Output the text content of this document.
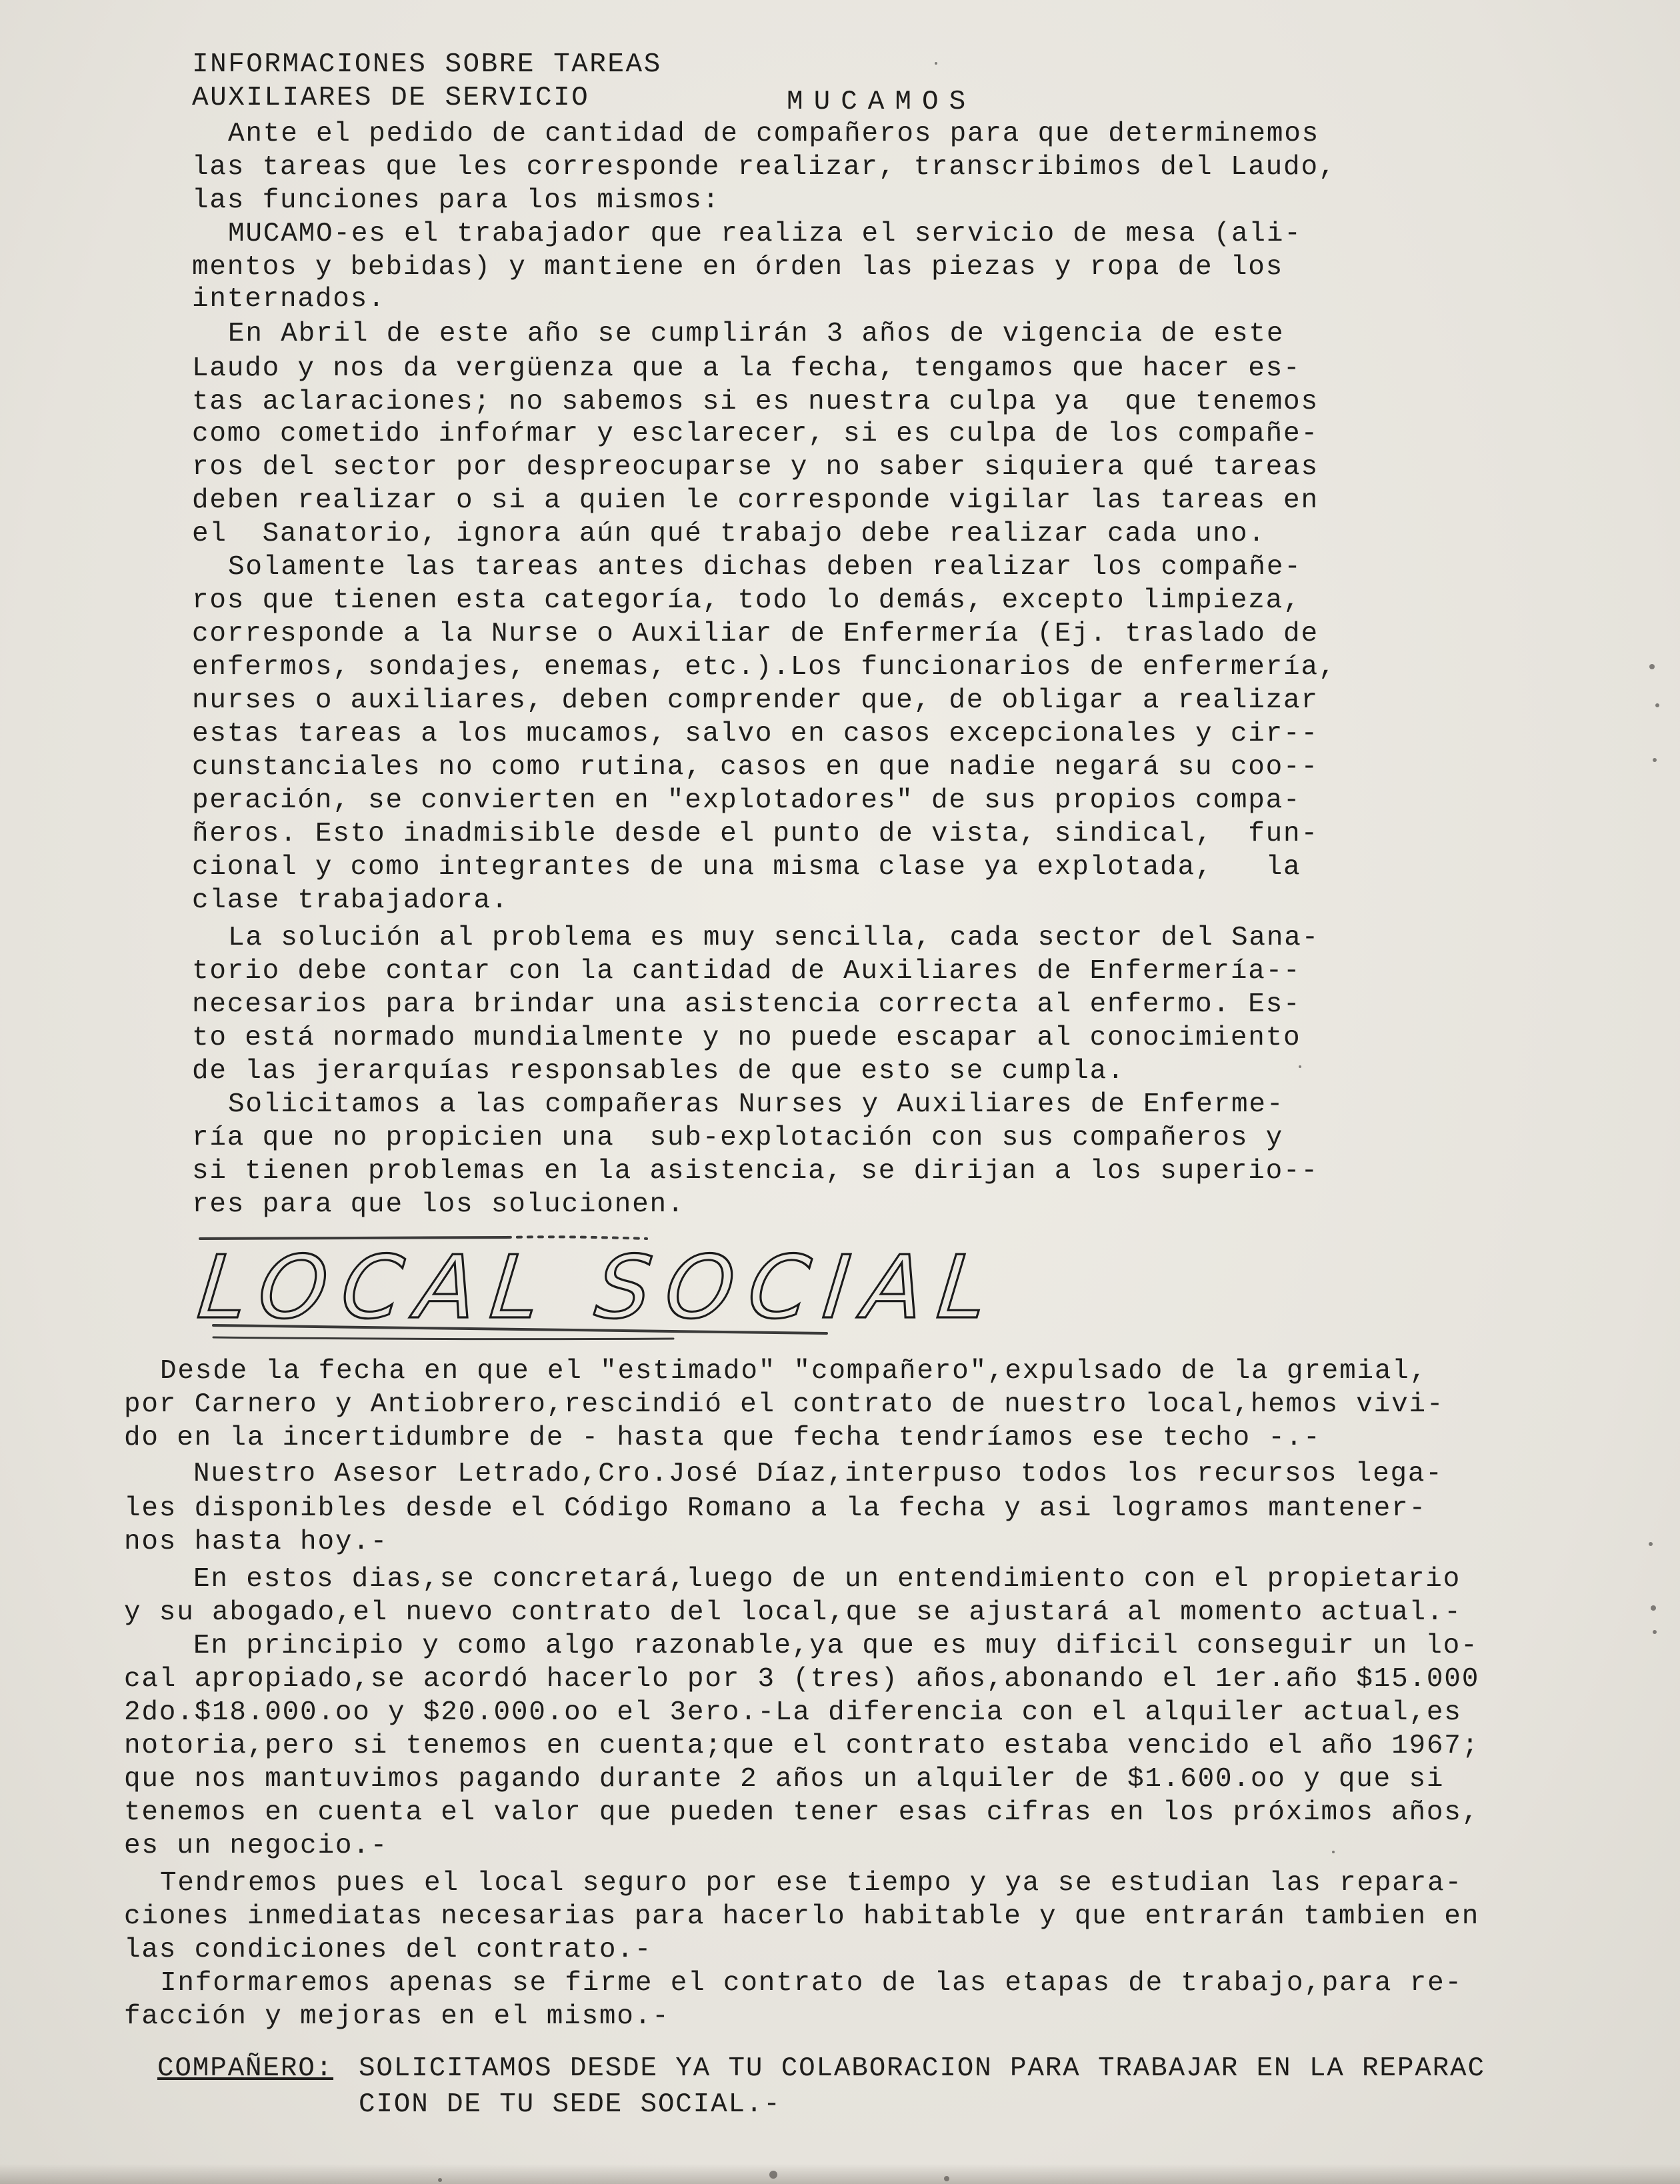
INFORMACIONES SOBRE TAREAS
AUXILIARES DE SERVICIO	MUCAMOS
Ante el pedido de cantidad de compañeros para que determinemos
las tareas que les corresponde realizar, transcribimos del Laudo,
las funciones para los mismos:
MUCAMO-es el trabajador que realiza el servicio de mesa (ali-
mentos y bebidas) y mantiene en órden las piezas y ropa de los
internados.
En Abril de este año se cumplirán 3 años de vigencia de este
Laudo y nos da vergüenza que a la fecha, tengamos que hacer es-
tas aclaraciones; no sabemos si es nuestra culpa ya  que tenemos
como cometido infoŕmar y esclarecer, si es culpa de los compañe-
ros del sector por despreocuparse y no saber siquiera qué tareas
deben realizar o si a quien le corresponde vigilar las tareas en
el  Sanatorio, ignora aún qué trabajo debe realizar cada uno.
Solamente las tareas antes dichas deben realizar los compañe-
ros que tienen esta categoría, todo lo demás, excepto limpieza,
corresponde a la Nurse o Auxiliar de Enfermería (Ej. traslado de
enfermos, sondajes, enemas, etc.).Los funcionarios de enfermería,
nurses o auxiliares, deben comprender que, de obligar a realizar
estas tareas a los mucamos, salvo en casos excepcionales y cir--
cunstanciales no como rutina, casos en que nadie negará su coo--
peración, se convierten en "explotadores" de sus propios compa-
ñeros. Esto inadmisible desde el punto de vista, sindical,  fun-
cional y como integrantes de una misma clase ya explotada,   la
clase trabajadora.
La solución al problema es muy sencilla, cada sector del Sana-
torio debe contar con la cantidad de Auxiliares de Enfermería--
necesarios para brindar una asistencia correcta al enfermo. Es-
to está normado mundialmente y no puede escapar al conocimiento
de las jerarquías responsables de que esto se cumpla.
Solicitamos a las compañeras Nurses y Auxiliares de Enferme-
ría que no propicien una  sub-explotación con sus compañeros y
si tienen problemas en la asistencia, se dirijan a los superio--
res para que los solucionen.
LOCAL SOCIAL
Desde la fecha en que el "estimado" "compañero",expulsado de la gremial,
por Carnero y Antiobrero,rescindió el contrato de nuestro local,hemos vivi-
do en la incertidumbre de - hasta que fecha tendríamos ese techo -.-
Nuestro Asesor Letrado,Cro.José Díaz,interpuso todos los recursos lega-
les disponibles desde el Código Romano a la fecha y asi logramos mantener-
nos hasta hoy.-
En estos dias,se concretará,luego de un entendimiento con el propietario
y su abogado,el nuevo contrato del local,que se ajustará al momento actual.-
En principio y como algo razonable,ya que es muy dificil conseguir un lo-
cal apropiado,se acordó hacerlo por 3 (tres) años,abonando el 1er.año $15.000
2do.$18.000.oo y $20.000.oo el 3ero.-La diferencia con el alquiler actual,es
notoria,pero si tenemos en cuenta;que el contrato estaba vencido el año 1967;
que nos mantuvimos pagando durante 2 años un alquiler de $1.600.oo y que si
tenemos en cuenta el valor que pueden tener esas cifras en los próximos años,
es un negocio.-
Tendremos pues el local seguro por ese tiempo y ya se estudian las repara-
ciones inmediatas necesarias para hacerlo habitable y que entrarán tambien en
las condiciones del contrato.-
Informaremos apenas se firme el contrato de las etapas de trabajo,para re-
facción y mejoras en el mismo.-
COMPAÑERO: SOLICITAMOS DESDE YA TU COLABORACION PARA TRABAJAR EN LA REPARAC
CION DE TU SEDE SOCIAL.-
